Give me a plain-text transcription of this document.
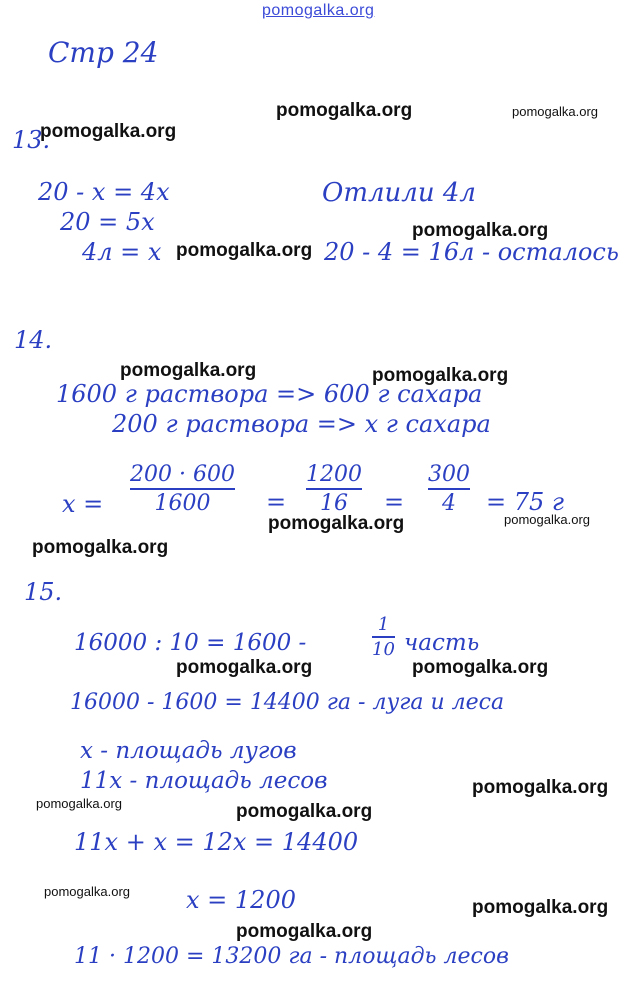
pomogalka.org
Стр 24
13.
20 - x = 4x
20 = 5x
4л = x
Отлили 4л
20 - 4 = 16л - осталось
14.
1600 г раствора => 600 г сахара
200 г раствора => x г сахара
x =
200 · 600
1600 =
1200
16 =
300
4 = 75 г
15.
16000 : 10 = 1600 -
1
10 часть
16000 - 1600 = 14400 га - луга и леса
x - площадь лугов
11x - площадь лесов
11x + x = 12x = 14400
x = 1200
11 · 1200 = 13200 га - площадь лесов
pomogalka.org	pomogalka.org
pomogalka.org
pomogalka.org
pomogalka.org
pomogalka.org	pomogalka.org
pomogalka.org	pomogalka.org
pomogalka.org
pomogalka.org	pomogalka.org
pomogalka.org
pomogalka.org	pomogalka.org
pomogalka.org
pomogalka.org
pomogalka.org
